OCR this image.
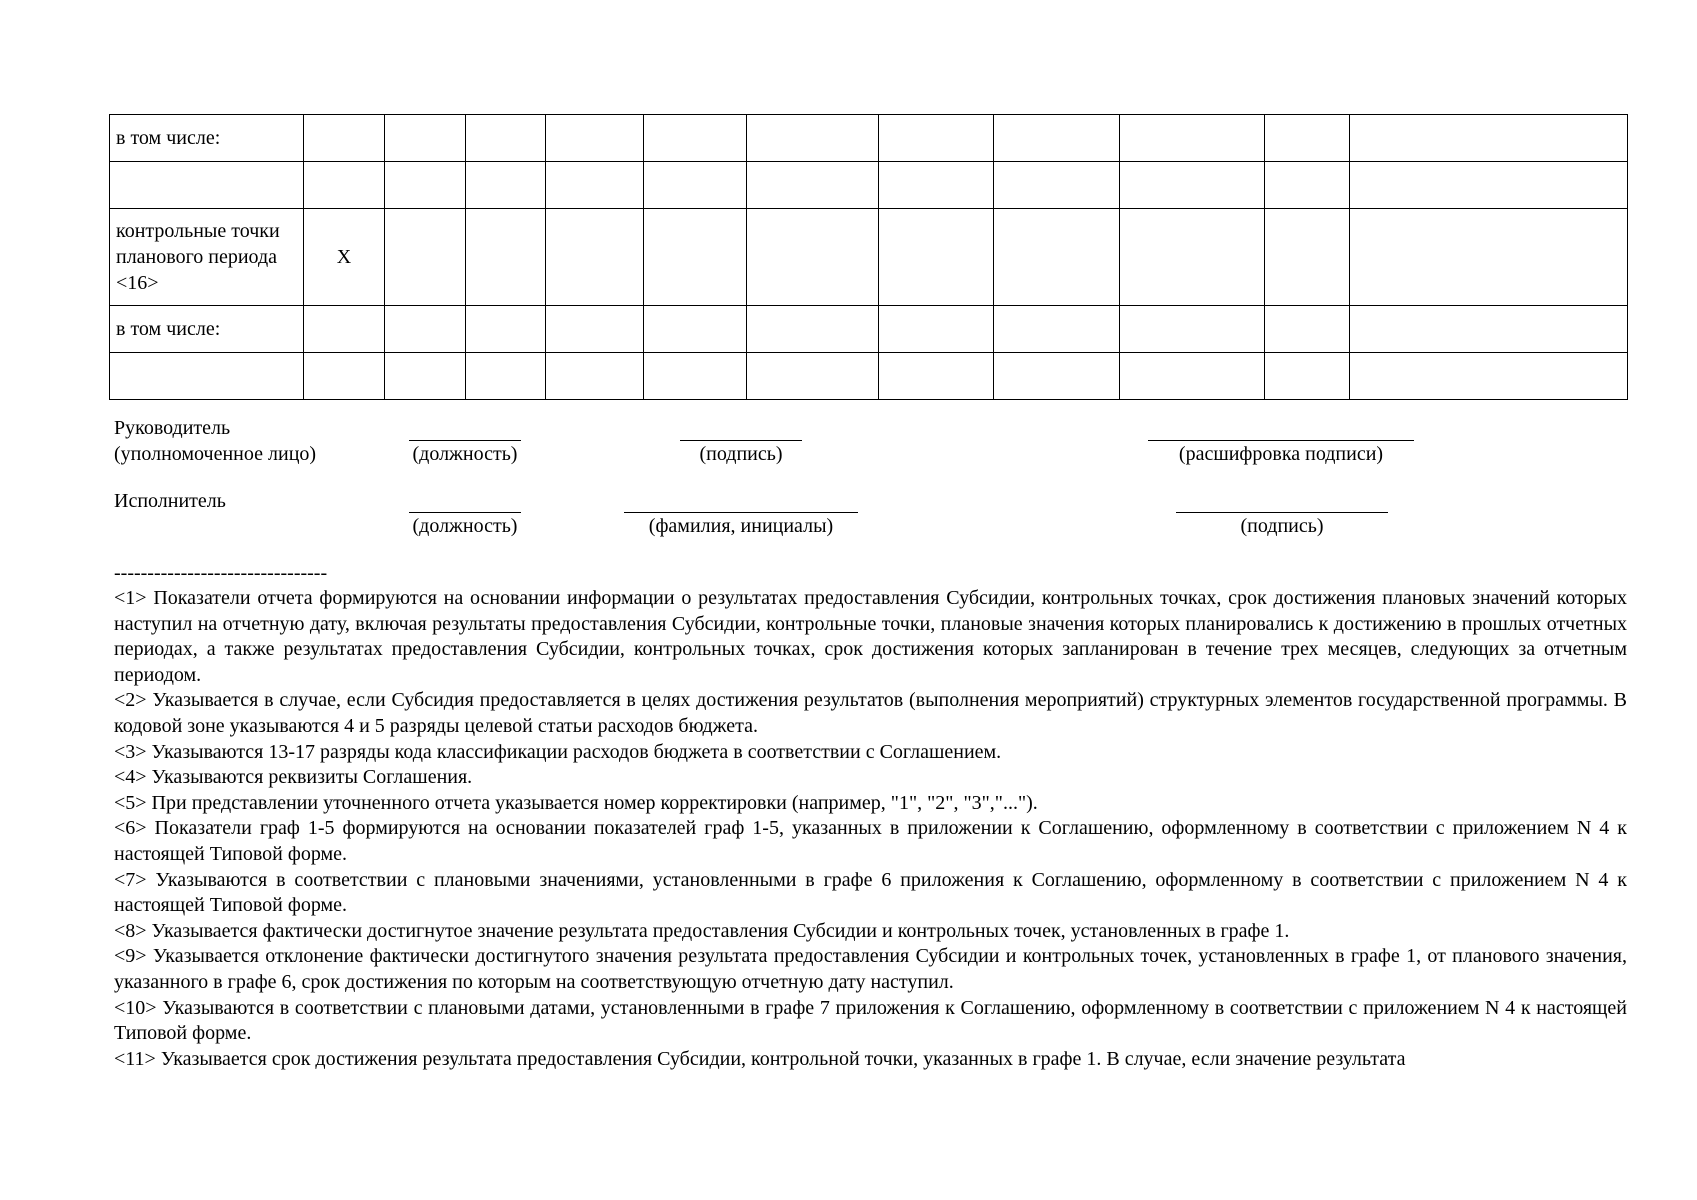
в том числе:											

контрольные точки планового периода <16>	X										
в том числе:											

Руководитель
(уполномоченное лицо)	(должность)	(подпись)	(расшифровка подписи)
Исполнитель
(должность)	(фамилия, инициалы)	(подпись)
--------------------------------

<1> Показатели отчета формируются на основании информации о результатах предоставления Субсидии, контрольных точках, срок достижения плановых значений которых наступил на отчетную дату, включая результаты предоставления Субсидии, контрольные точки, плановые значения которых планировались к достижению в прошлых отчетных периодах, а также результатах предоставления Субсидии, контрольных точках, срок достижения которых запланирован в течение трех месяцев, следующих за отчетным периодом.

<2> Указывается в случае, если Субсидия предоставляется в целях достижения результатов (выполнения мероприятий) структурных элементов государственной программы. В кодовой зоне указываются 4 и 5 разряды целевой статьи расходов бюджета.

<3> Указываются 13-17 разряды кода классификации расходов бюджета в соответствии с Соглашением.

<4> Указываются реквизиты Соглашения.

<5> При представлении уточненного отчета указывается номер корректировки (например, "1", "2", "3","...").

<6> Показатели граф 1-5 формируются на основании показателей граф 1-5, указанных в приложении к Соглашению, оформленному в соответствии с приложением N 4 к настоящей Типовой форме.

<7> Указываются в соответствии с плановыми значениями, установленными в графе 6 приложения к Соглашению, оформленному в соответствии с приложением N 4 к настоящей Типовой форме.

<8> Указывается фактически достигнутое значение результата предоставления Субсидии и контрольных точек, установленных в графе 1.

<9> Указывается отклонение фактически достигнутого значения результата предоставления Субсидии и контрольных точек, установленных в графе 1, от планового значения, указанного в графе 6, срок достижения по которым на соответствующую отчетную дату наступил.

<10> Указываются в соответствии с плановыми датами, установленными в графе 7 приложения к Соглашению, оформленному в соответствии с приложением N 4 к настоящей Типовой форме.

<11> Указывается срок достижения результата предоставления Субсидии, контрольной точки, указанных в графе 1. В случае, если значение результата
